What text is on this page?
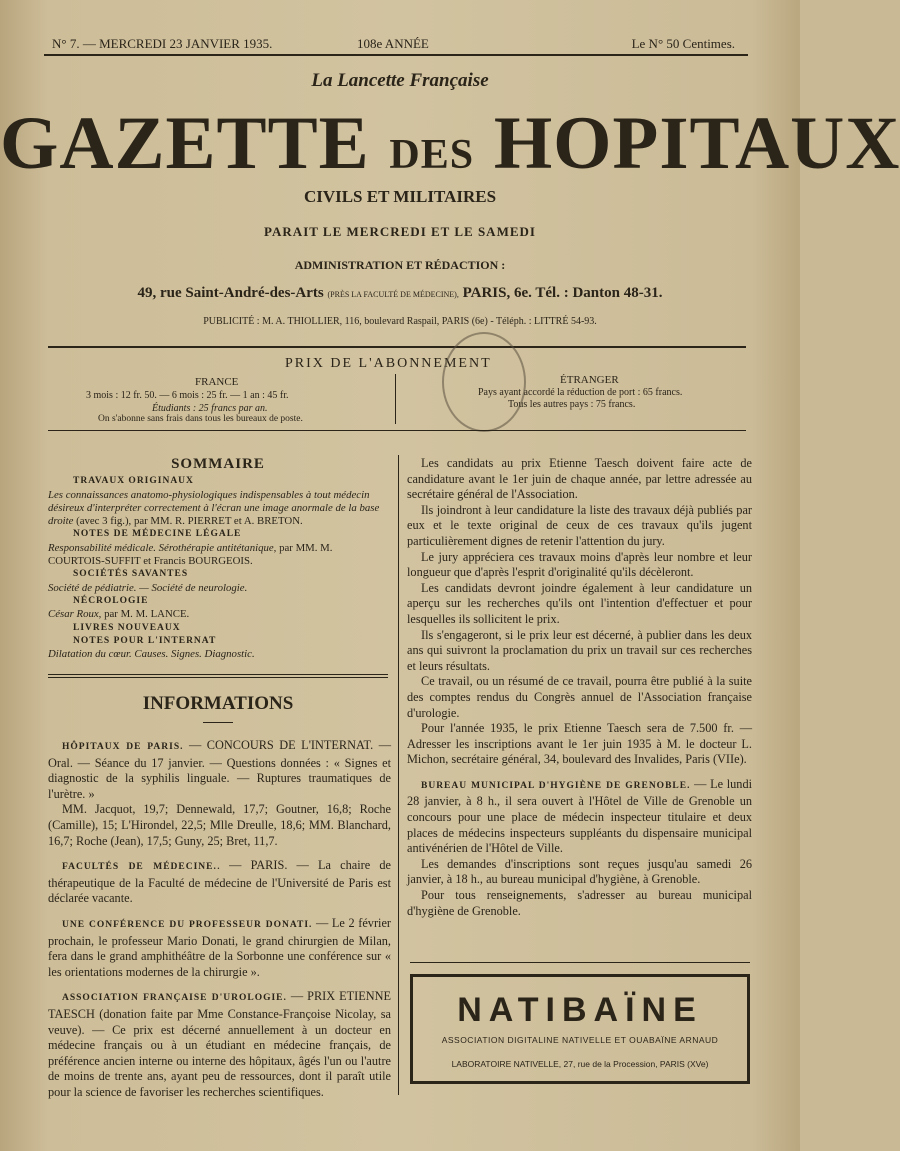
N° 7. — MERCREDI 23 JANVIER 1935.	108e ANNÉE	Le N° 50 Centimes.
La Lancette Française
GAZETTE DES HOPITAUX
CIVILS ET MILITAIRES
PARAIT LE MERCREDI ET LE SAMEDI
ADMINISTRATION ET RÉDACTION :
49, rue Saint-André-des-Arts (PRÈS LA FACULTÉ DE MÉDECINE), PARIS, 6e. Tél. : Danton 48-31.
PUBLICITÉ : M. A. THIOLLIER, 116, boulevard Raspail, PARIS (6e) - Téléph. : LITTRÉ 54-93.
PRIX DE L'ABONNEMENT
FRANCE
3 mois : 12 fr. 50. — 6 mois : 25 fr. — 1 an : 45 fr.
Étudiants : 25 francs par an.
On s'abonne sans frais dans tous les bureaux de poste.
ÉTRANGER
Pays ayant accordé la réduction de port : 65 francs.
Tous les autres pays : 75 francs.
SOMMAIRE
TRAVAUX ORIGINAUX
Les connaissances anatomo-physiologiques indispensables à tout médecin désireux d'interpréter correctement à l'écran une image anormale de la base droite (avec 3 fig.), par MM. R. PIERRET et A. BRETON.
NOTES DE MÉDECINE LÉGALE
Responsabilité médicale. Sérothérapie antitétanique, par MM. M. COURTOIS-SUFFIT et Francis BOURGEOIS.
SOCIÉTÉS SAVANTES
Société de pédiatrie. — Société de neurologie.
NÉCROLOGIE
César Roux, par M. M. LANCE.
LIVRES NOUVEAUX
NOTES POUR L'INTERNAT
Dilatation du cœur. Causes. Signes. Diagnostic.
INFORMATIONS

HÔPITAUX DE PARIS. — CONCOURS DE L'INTERNAT. — Oral. — Séance du 17 janvier. — Questions données : « Signes et diagnostic de la syphilis linguale. — Ruptures traumatiques de l'urètre. »

MM. Jacquot, 19,7; Dennewald, 17,7; Goutner, 16,8; Roche (Camille), 15; L'Hirondel, 22,5; Mlle Dreulle, 18,6; MM. Blanchard, 16,7; Roche (Jean), 17,5; Guny, 25; Bret, 11,7.

FACULTÉS DE MÉDECINE.. — PARIS. — La chaire de thérapeutique de la Faculté de médecine de l'Université de Paris est déclarée vacante.

UNE CONFÉRENCE DU PROFESSEUR DONATI. — Le 2 février prochain, le professeur Mario Donati, le grand chirurgien de Milan, fera dans le grand amphithéâtre de la Sorbonne une conférence sur « les orientations modernes de la chirurgie ».

ASSOCIATION FRANÇAISE D'UROLOGIE. — PRIX ETIENNE TAESCH (donation faite par Mme Constance-Françoise Nicolay, sa veuve). — Ce prix est décerné annuellement à un docteur en médecine français ou à un étudiant en médecine français, de préférence ancien interne ou interne des hôpitaux, âgés l'un ou l'autre de moins de trente ans, ayant peu de ressources, dont il paraît utile pour la science de favoriser les recherches scientifiques.

Les candidats au prix Etienne Taesch doivent faire acte de candidature avant le 1er juin de chaque année, par lettre adressée au secrétaire général de l'Association.

Ils joindront à leur candidature la liste des travaux déjà publiés par eux et le texte original de ceux de ces travaux qu'ils jugent particulièrement dignes de retenir l'attention du jury.

Le jury appréciera ces travaux moins d'après leur nombre et leur longueur que d'après l'esprit d'originalité qu'ils décèleront.

Les candidats devront joindre également à leur candidature un aperçu sur les recherches qu'ils ont l'intention d'effectuer et pour lesquelles ils sollicitent le prix.

Ils s'engageront, si le prix leur est décerné, à publier dans les deux ans qui suivront la proclamation du prix un travail sur ces recherches et leurs résultats.

Ce travail, ou un résumé de ce travail, pourra être publié à la suite des comptes rendus du Congrès annuel de l'Association française d'urologie.

Pour l'année 1935, le prix Etienne Taesch sera de 7.500 fr. — Adresser les inscriptions avant le 1er juin 1935 à M. le docteur L. Michon, secrétaire général, 34, boulevard des Invalides, Paris (VIIe).

BUREAU MUNICIPAL D'HYGIÈNE DE GRENOBLE. — Le lundi 28 janvier, à 8 h., il sera ouvert à l'Hôtel de Ville de Grenoble un concours pour une place de médecin inspecteur titulaire et deux places de médecins inspecteurs suppléants du dispensaire municipal antivénérien de l'Hôtel de Ville.

Les demandes d'inscriptions sont reçues jusqu'au samedi 26 janvier, à 18 h., au bureau municipal d'hygiène, à Grenoble.

Pour tous renseignements, s'adresser au bureau municipal d'hygiène de Grenoble.

NATIBAÏNE
ASSOCIATION DIGITALINE NATIVELLE ET OUABAÏNE ARNAUD
LABORATOIRE NATIVELLE, 27, rue de la Procession, PARIS (XVe)
